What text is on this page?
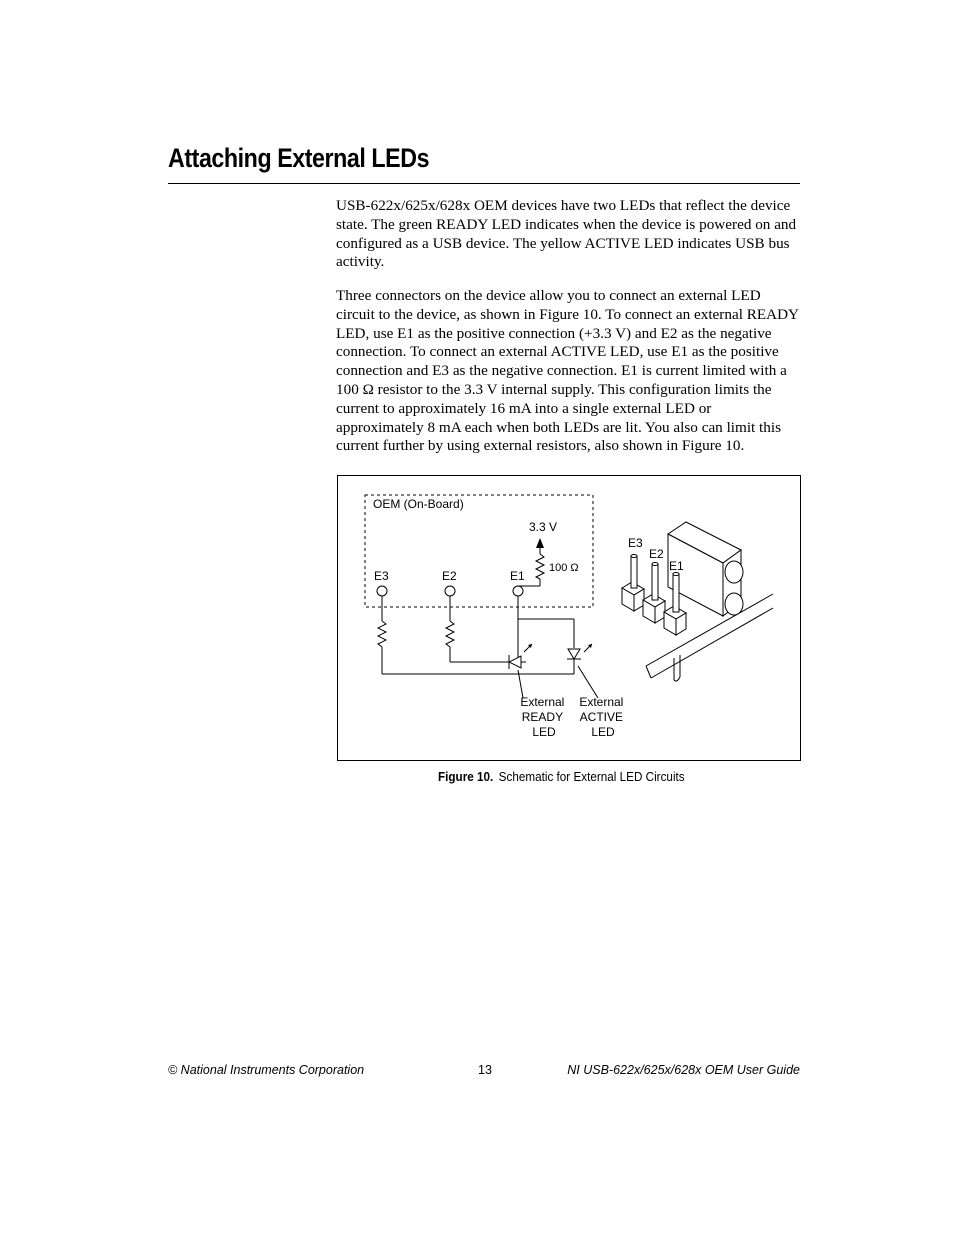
Attaching External LEDs

USB-622x/625x/628x OEM devices have two LEDs that reflect the device state. The green READY LED indicates when the device is powered on and configured as a USB device. The yellow ACTIVE LED indicates USB bus activity.

Three connectors on the device allow you to connect an external LED circuit to the device, as shown in Figure 10. To connect an external READY LED, use E1 as the positive connection (+3.3 V) and E2 as the negative connection. To connect an external ACTIVE LED, use E1 as the positive connection and E3 as the negative connection. E1 is current limited with a 100 Ω resistor to the 3.3 V internal supply. This configuration limits the current to approximately 16 mA into a single external LED or approximately 8 mA each when both LEDs are lit. You also can limit this current further by using external resistors, also shown in Figure 10.

OEM (On-Board)
3.3 V
100 Ω
E3	E2	E1
External READY LED
External ACTIVE LED
E3
E2
E1
Figure 10. Schematic for External LED Circuits
© National Instruments Corporation	13	NI USB-622x/625x/628x OEM User Guide
